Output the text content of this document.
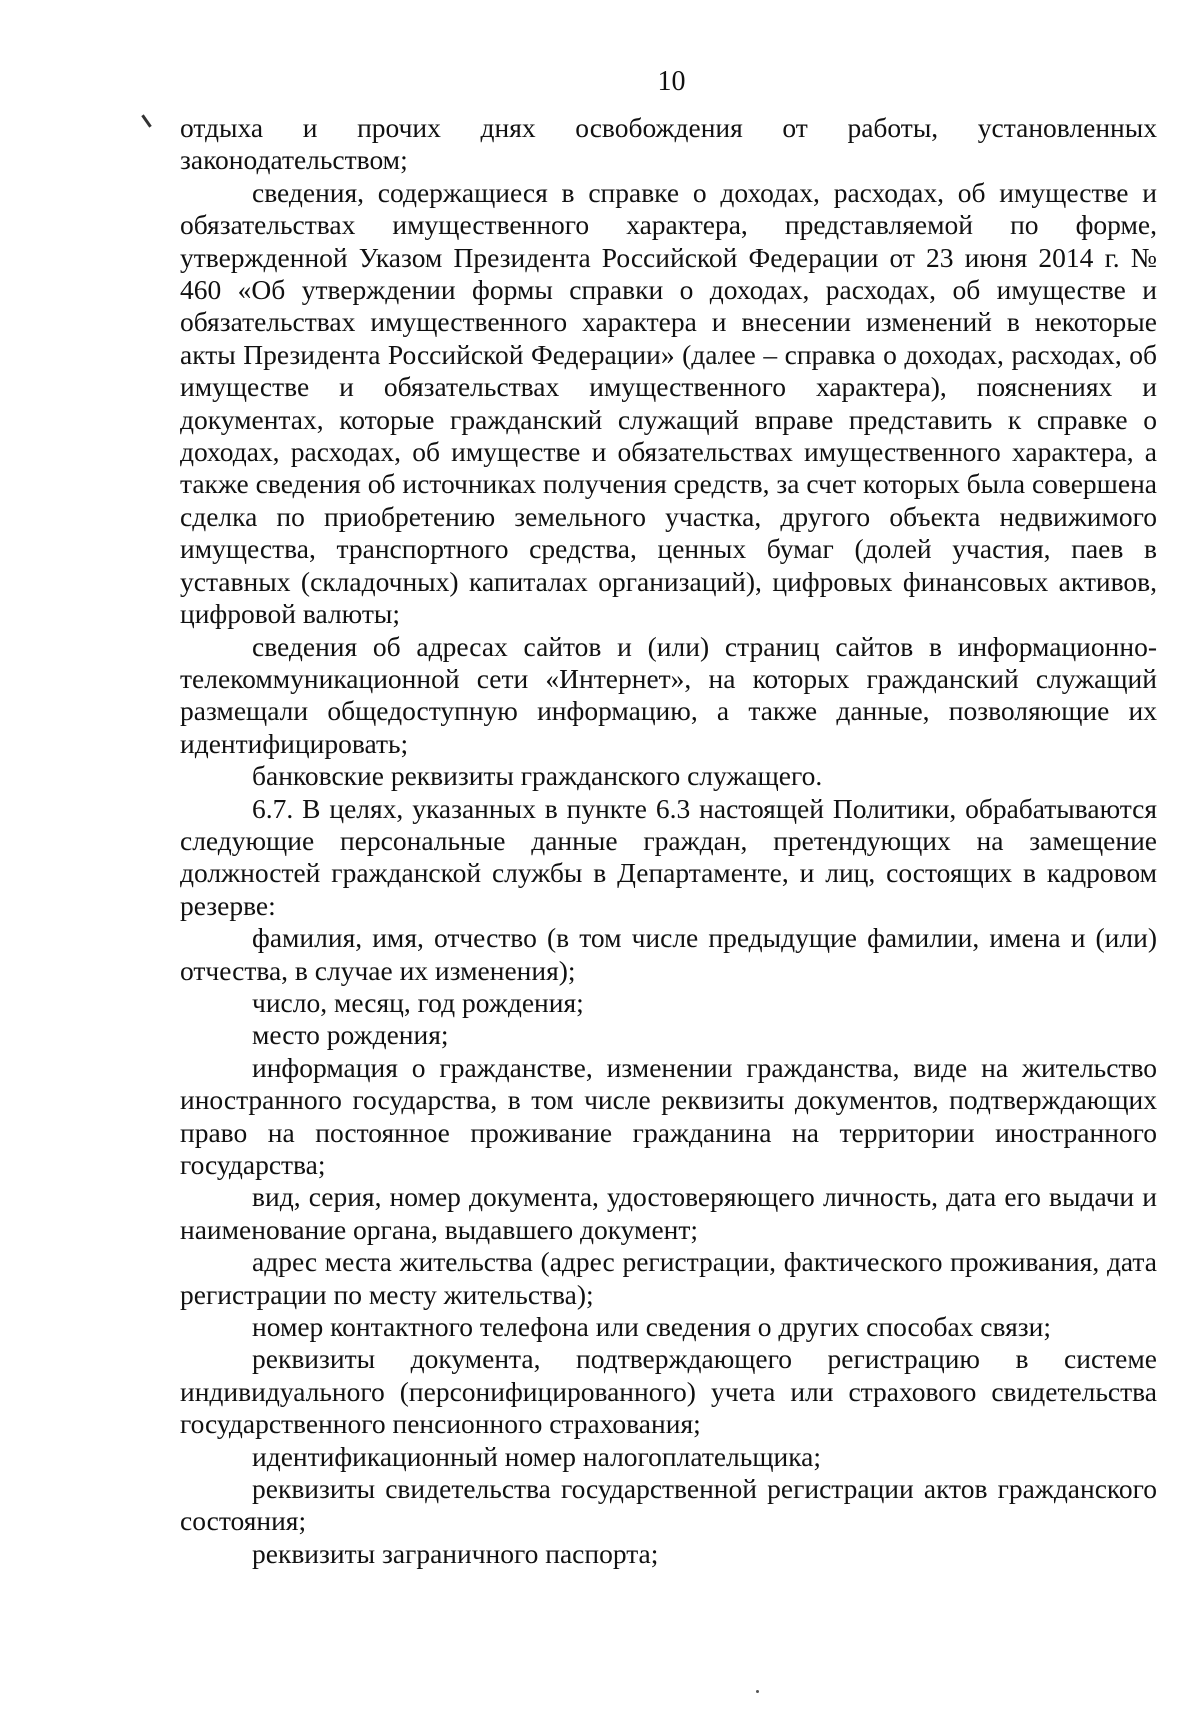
10

отдыха и прочих днях освобождения от работы, установленных законодательством;

сведения, содержащиеся в справке о доходах, расходах, об имуществе и обязательствах имущественного характера, представляемой по форме, утвержденной Указом Президента Российской Федерации от 23 июня 2014 г. № 460 «Об утверждении формы справки о доходах, расходах, об имуществе и обязательствах имущественного характера и внесении изменений в некоторые акты Президента Российской Федерации» (далее – справка о доходах, расходах, об имуществе и обязательствах имущественного характера), пояснениях и документах, которые гражданский служащий вправе представить к справке о доходах, расходах, об имуществе и обязательствах имущественного характера, а также сведения об источниках получения средств, за счет которых была совершена сделка по приобретению земельного участка, другого объекта недвижимого имущества, транспортного средства, ценных бумаг (долей участия, паев в уставных (складочных) капиталах организаций), цифровых финансовых активов, цифровой валюты;

сведения об адресах сайтов и (или) страниц сайтов в информационно-телекоммуникационной сети «Интернет», на которых гражданский служащий размещали общедоступную информацию, а также данные, позволяющие их идентифицировать;

банковские реквизиты гражданского служащего.

6.7. В целях, указанных в пункте 6.3 настоящей Политики, обрабатываются следующие персональные данные граждан, претендующих на замещение должностей гражданской службы в Департаменте, и лиц, состоящих в кадровом резерве:

фамилия, имя, отчество (в том числе предыдущие фамилии, имена и (или) отчества, в случае их изменения);

число, месяц, год рождения;

место рождения;

информация о гражданстве, изменении гражданства, виде на жительство иностранного государства, в том числе реквизиты документов, подтверждающих право на постоянное проживание гражданина на территории иностранного государства;

вид, серия, номер документа, удостоверяющего личность, дата его выдачи и наименование органа, выдавшего документ;

адрес места жительства (адрес регистрации, фактического проживания, дата регистрации по месту жительства);

номер контактного телефона или сведения о других способах связи;

реквизиты документа, подтверждающего регистрацию в системе индивидуального (персонифицированного) учета или страхового свидетельства государственного пенсионного страхования;

идентификационный номер налогоплательщика;

реквизиты свидетельства государственной регистрации актов гражданского состояния;

реквизиты заграничного паспорта;
